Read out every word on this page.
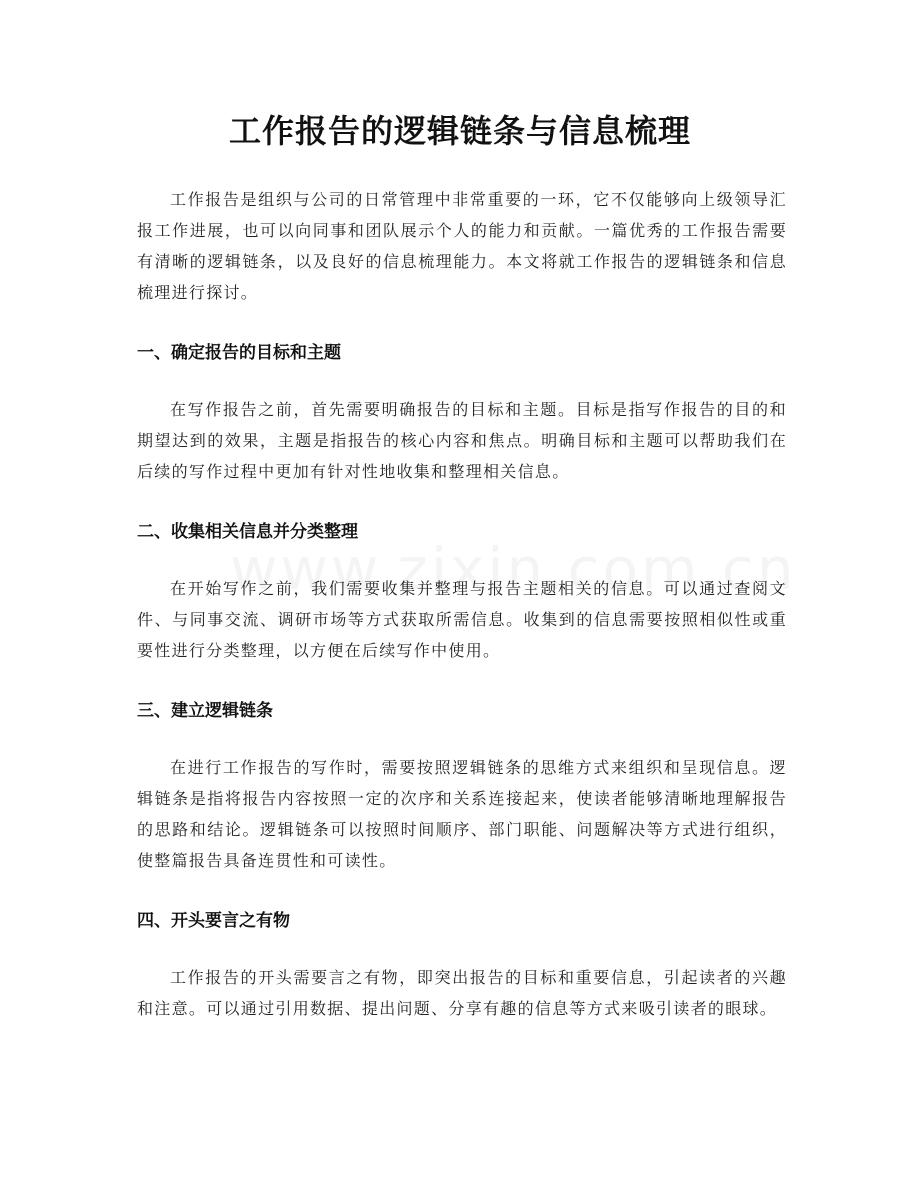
工作报告的逻辑链条与信息梳理

工作报告是组织与公司的日常管理中非常重要的一环，它不仅能够向上级领导汇报工作进展，也可以向同事和团队展示个人的能力和贡献。一篇优秀的工作报告需要有清晰的逻辑链条，以及良好的信息梳理能力。本文将就工作报告的逻辑链条和信息梳理进行探讨。

一、确定报告的目标和主题

在写作报告之前，首先需要明确报告的目标和主题。目标是指写作报告的目的和期望达到的效果，主题是指报告的核心内容和焦点。明确目标和主题可以帮助我们在后续的写作过程中更加有针对性地收集和整理相关信息。

二、收集相关信息并分类整理

在开始写作之前，我们需要收集并整理与报告主题相关的信息。可以通过查阅文件、与同事交流、调研市场等方式获取所需信息。收集到的信息需要按照相似性或重要性进行分类整理，以方便在后续写作中使用。

三、建立逻辑链条

在进行工作报告的写作时，需要按照逻辑链条的思维方式来组织和呈现信息。逻辑链条是指将报告内容按照一定的次序和关系连接起来，使读者能够清晰地理解报告的思路和结论。逻辑链条可以按照时间顺序、部门职能、问题解决等方式进行组织，使整篇报告具备连贯性和可读性。

四、开头要言之有物

工作报告的开头需要言之有物，即突出报告的目标和重要信息，引起读者的兴趣和注意。可以通过引用数据、提出问题、分享有趣的信息等方式来吸引读者的眼球。
